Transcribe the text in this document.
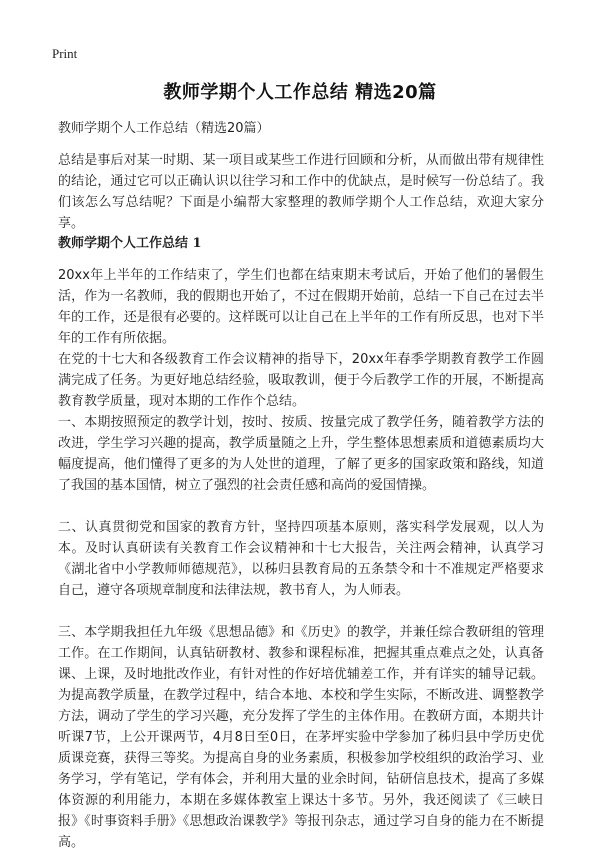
Print
教师学期个人工作总结 精选20篇
教师学期个人工作总结（精选20篇）
总结是事后对某一时期、某一项目或某些工作进行回顾和分析，从而做出带有规律性的结论，通过它可以正确认识以往学习和工作中的优缺点，是时候写一份总结了。我们该怎么写总结呢？下面是小编帮大家整理的教师学期个人工作总结，欢迎大家分享。
教师学期个人工作总结 1
20xx年上半年的工作结束了，学生们也都在结束期末考试后，开始了他们的暑假生活，作为一名教师，我的假期也开始了，不过在假期开始前，总结一下自己在过去半年的工作，还是很有必要的。这样既可以让自己在上半年的工作有所反思，也对下半年的工作有所依据。
在党的十七大和各级教育工作会议精神的指导下，20xx年春季学期教育教学工作圆满完成了任务。为更好地总结经验，吸取教训，便于今后教学工作的开展，不断提高教育教学质量，现对本期的工作作个总结。
一、本期按照预定的教学计划，按时、按质、按量完成了教学任务，随着教学方法的改进，学生学习兴趣的提高，教学质量随之上升，学生整体思想素质和道德素质均大幅度提高，他们懂得了更多的为人处世的道理，了解了更多的国家政策和路线，知道了我国的基本国情，树立了强烈的社会责任感和高尚的爱国情操。
二、认真贯彻党和国家的教育方针，坚持四项基本原则，落实科学发展观，以人为本。及时认真研读有关教育工作会议精神和十七大报告，关注两会精神，认真学习《湖北省中小学教师师德规范》，以秭归县教育局的五条禁令和十不准规定严格要求自己，遵守各项规章制度和法律法规，教书育人，为人师表。
三、本学期我担任九年级《思想品德》和《历史》的教学，并兼任综合教研组的管理工作。在工作期间，认真钻研教材、教参和课程标准，把握其重点难点之处，认真备课、上课，及时地批改作业，有针对性的作好培优辅差工作，并有详实的辅导记载。为提高教学质量，在教学过程中，结合本地、本校和学生实际，不断改进、调整教学方法，调动了学生的学习兴趣，充分发挥了学生的主体作用。在教研方面，本期共计听课7节，上公开课两节，4月8日至0日，在茅坪实验中学参加了秭归县中学历史优质课竞赛，获得三等奖。为提高自身的业务素质，积极参加学校组织的政治学习、业务学习，学有笔记，学有体会，并利用大量的业余时间，钻研信息技术，提高了多媒体资源的利用能力，本期在多媒体教室上课达十多节。另外，我还阅读了《三峡日报》《时事资料手册》《思想政治课教学》等报刊杂志，通过学习自身的能力在不断提高。
